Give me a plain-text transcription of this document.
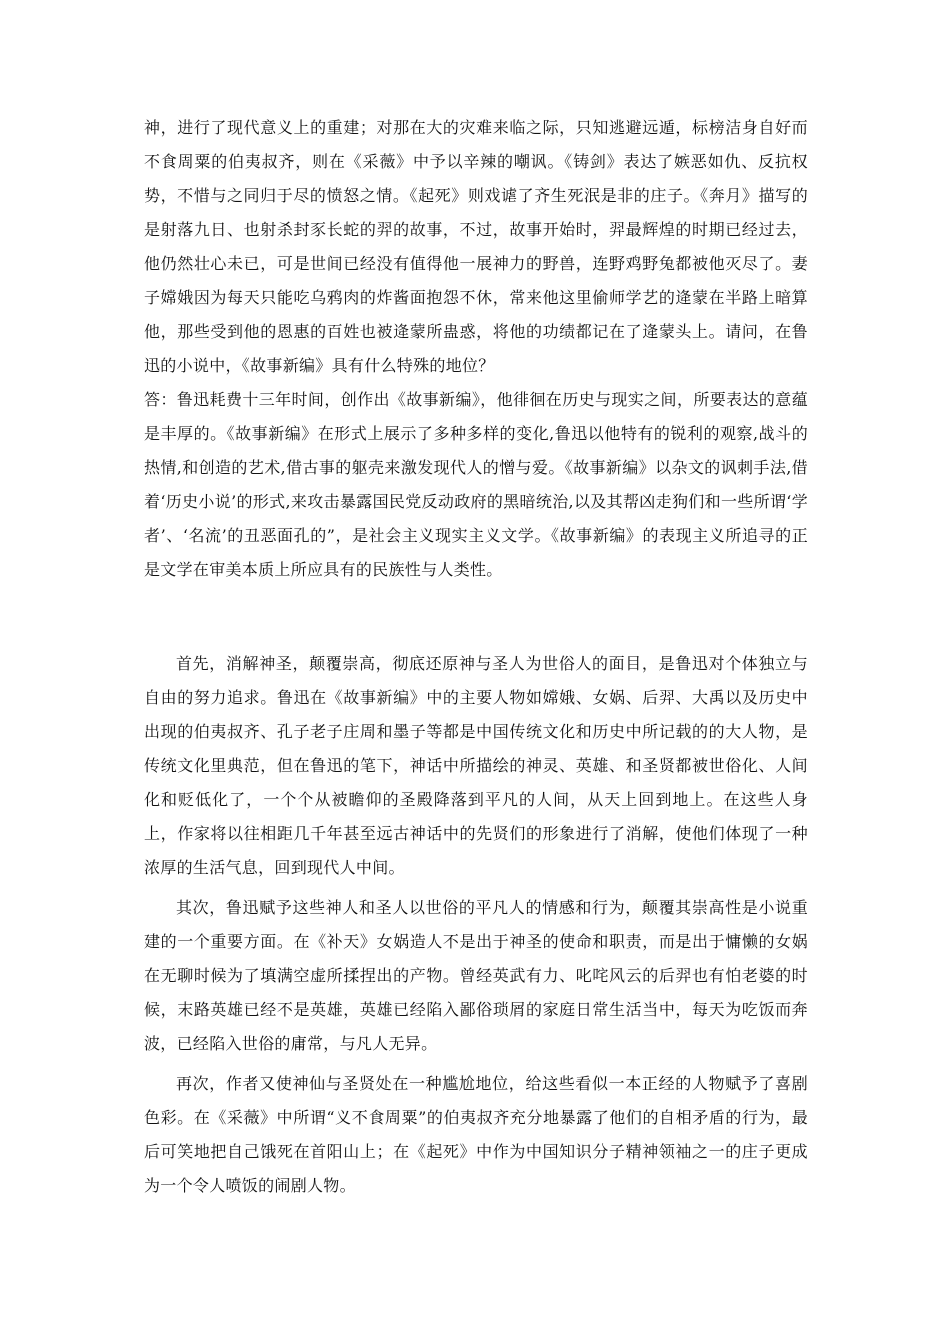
神，进行了现代意义上的重建；对那在大的灾难来临之际，只知逃避远遁，标榜洁身自好而不食周粟的伯夷叔齐，则在《采薇》中予以辛辣的嘲讽。《铸剑》表达了嫉恶如仇、反抗权势，不惜与之同归于尽的愤怒之情。《起死》则戏谑了齐生死泯是非的庄子。《奔月》描写的是射落九日、也射杀封豕长蛇的羿的故事，不过，故事开始时，羿最辉煌的时期已经过去，他仍然壮心未已，可是世间已经没有值得他一展神力的野兽，连野鸡野兔都被他灭尽了。妻子嫦娥因为每天只能吃乌鸦肉的炸酱面抱怨不休，常来他这里偷师学艺的逄蒙在半路上暗算他，那些受到他的恩惠的百姓也被逄蒙所蛊惑，将他的功绩都记在了逄蒙头上。请问，在鲁迅的小说中，《故事新编》具有什么特殊的地位？

答：鲁迅耗费十三年时间，创作出《故事新编》，他徘徊在历史与现实之间，所要表达的意蕴是丰厚的。《故事新编》在形式上展示了多种多样的变化,鲁迅以他特有的锐利的观察,战斗的热情,和创造的艺术,借古事的躯壳来激发现代人的憎与爱。《故事新编》以杂文的讽刺手法,借着‘历史小说’的形式,来攻击暴露国民党反动政府的黑暗统治,以及其帮凶走狗们和一些所谓‘学者’、‘名流’的丑恶面孔的”，是社会主义现实主义文学。《故事新编》的表现主义所追寻的正是文学在审美本质上所应具有的民族性与人类性。

首先，消解神圣，颠覆崇高，彻底还原神与圣人为世俗人的面目，是鲁迅对个体独立与自由的努力追求。鲁迅在《故事新编》中的主要人物如嫦娥、女娲、后羿、大禹以及历史中出现的伯夷叔齐、孔子老子庄周和墨子等都是中国传统文化和历史中所记载的的大人物，是传统文化里典范，但在鲁迅的笔下，神话中所描绘的神灵、英雄、和圣贤都被世俗化、人间化和贬低化了，一个个从被瞻仰的圣殿降落到平凡的人间，从天上回到地上。在这些人身上，作家将以往相距几千年甚至远古神话中的先贤们的形象进行了消解，使他们体现了一种浓厚的生活气息，回到现代人中间。

其次，鲁迅赋予这些神人和圣人以世俗的平凡人的情感和行为，颠覆其崇高性是小说重建的一个重要方面。在《补天》女娲造人不是出于神圣的使命和职责，而是出于慵懒的女娲在无聊时候为了填满空虚所揉捏出的产物。曾经英武有力、叱咤风云的后羿也有怕老婆的时候，末路英雄已经不是英雄，英雄已经陷入鄙俗琐屑的家庭日常生活当中，每天为吃饭而奔波，已经陷入世俗的庸常，与凡人无异。

再次，作者又使神仙与圣贤处在一种尴尬地位，给这些看似一本正经的人物赋予了喜剧色彩。在《采薇》中所谓“义不食周粟”的伯夷叔齐充分地暴露了他们的自相矛盾的行为，最后可笑地把自己饿死在首阳山上；在《起死》中作为中国知识分子精神领袖之一的庄子更成为一个令人喷饭的闹剧人物。
